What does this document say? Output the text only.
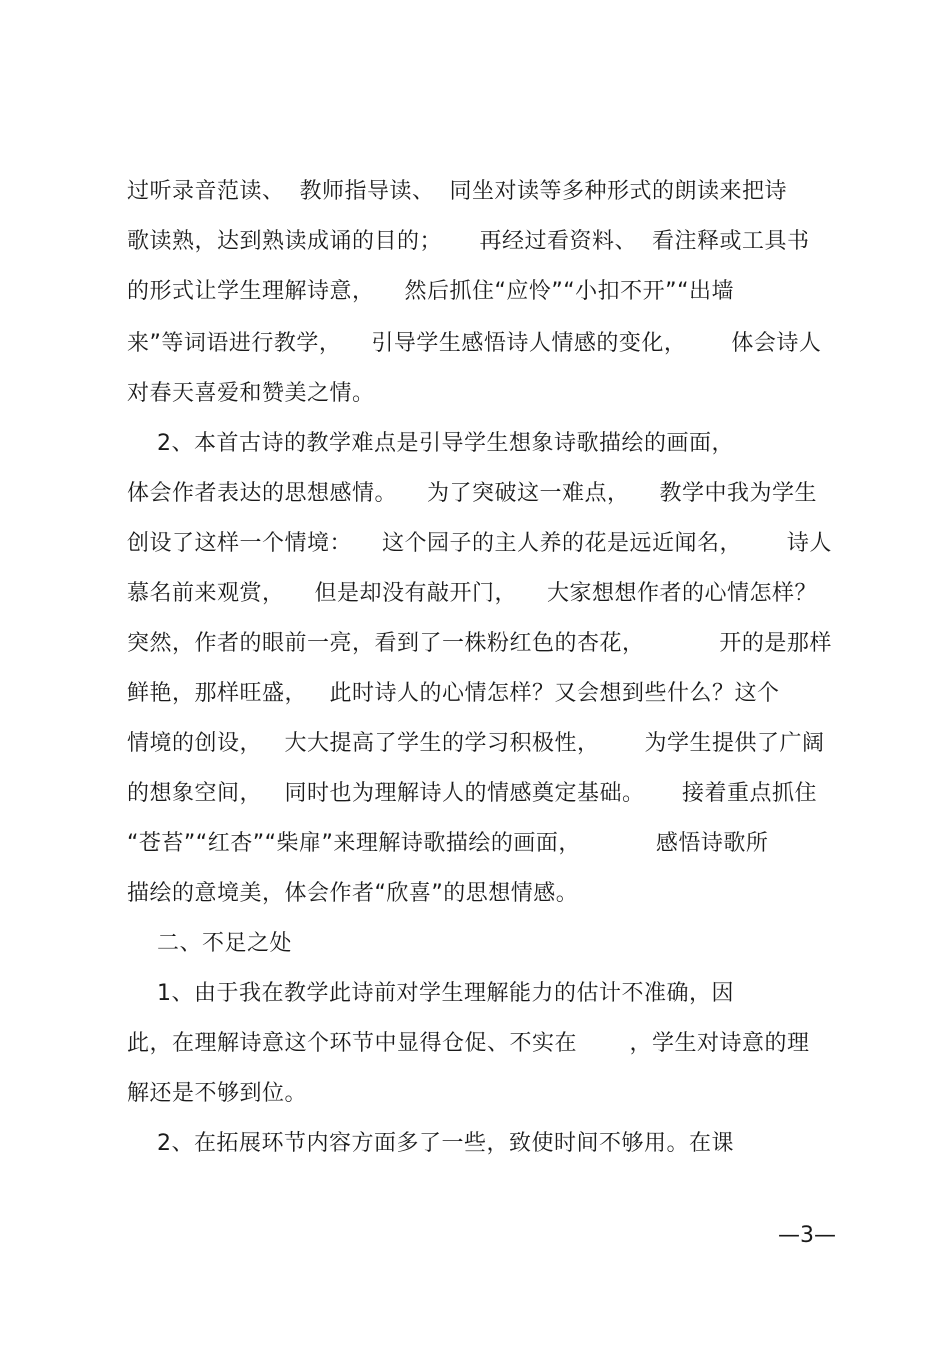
过听录音范读、  教师指导读、  同坐对读等多种形式的朗读来把诗
歌读熟，达到熟读成诵的目的；     再经过看资料、  看注释或工具书
的形式让学生理解诗意，    然后抓住“应怜”“小扣不开”“出墙
来”等词语进行教学，    引导学生感悟诗人情感的变化，      体会诗人
对春天喜爱和赞美之情。
2、本首古诗的教学难点是引导学生想象诗歌描绘的画面，
体会作者表达的思想感情。    为了突破这一难点，    教学中我为学生
创设了这样一个情境：    这个园子的主人养的花是远近闻名，      诗人
慕名前来观赏，    但是却没有敲开门，    大家想想作者的心情怎样？
突然，作者的眼前一亮，看到了一株粉红色的杏花，          开的是那样
鲜艳，那样旺盛，   此时诗人的心情怎样？又会想到些什么？这个
情境的创设，   大大提高了学生的学习积极性，      为学生提供了广阔
的想象空间，   同时也为理解诗人的情感奠定基础。     接着重点抓住
“苍苔”“红杏”“柴扉”来理解诗歌描绘的画面，          感悟诗歌所
描绘的意境美，体会作者“欣喜”的思想情感。
二、不足之处
1、由于我在教学此诗前对学生理解能力的估计不准确，因
此，在理解诗意这个环节中显得仓促、不实在       ，学生对诗意的理
解还是不够到位。
2、在拓展环节内容方面多了一些，致使时间不够用。在课
—3—
